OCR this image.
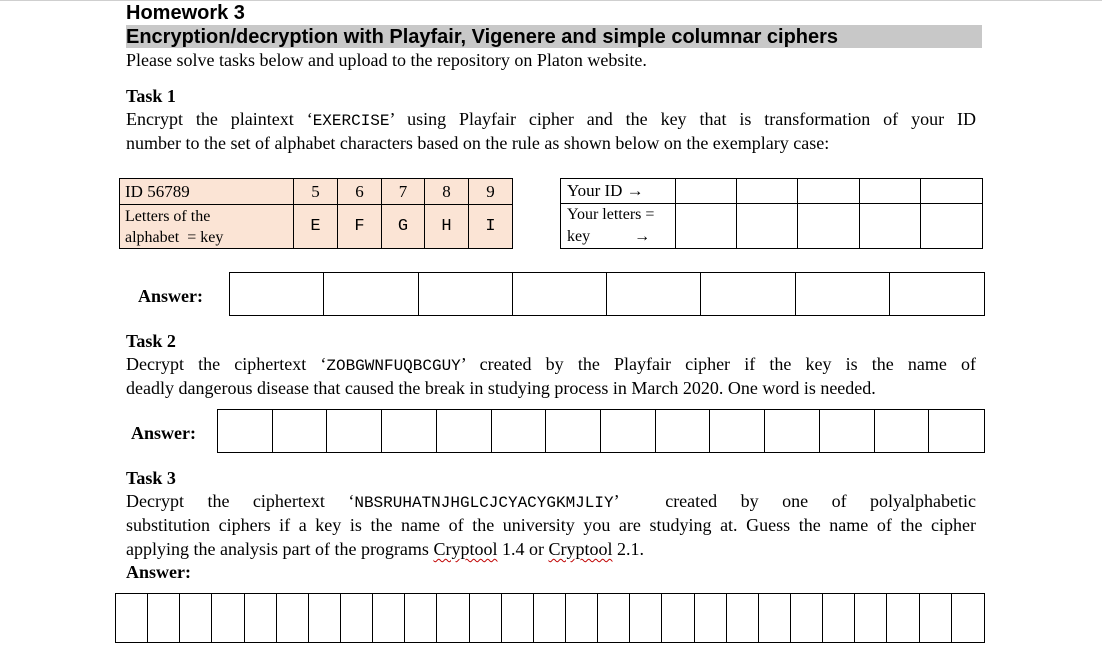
Homework 3
Encryption/decryption with Playfair, Vigenere and simple columnar ciphers
Please solve tasks below and upload to the repository on Platon website.
Task 1
Encrypt the plaintext ‘EXERCISE’ using Playfair cipher and the key that is transformation of your ID
number to the set of alphabet characters based on the rule as shown below on the exemplary case:
ID 56789	5	6	7	8	9

Letters of the
alphabet  = key	E	F	G	H	I
Your ID →					

Your letters =
key           →					

Answer:
Task 2
Decrypt the ciphertext ‘ZOBGWNFUQBCGUY’ created by the Playfair cipher if the key is the name of
deadly dangerous disease that caused the break in studying process in March 2020. One word is needed.
Answer:
Task 3
Decrypt the ciphertext ‘NBSRUHATNJHGLCJCYACYGKMJLIY’  created by one of polyalphabetic
substitution ciphers if a key is the name of the university you are studying at. Guess the name of the cipher
applying the analysis part of the programs Cryptool 1.4 or Cryptool 2.1.
Answer:
